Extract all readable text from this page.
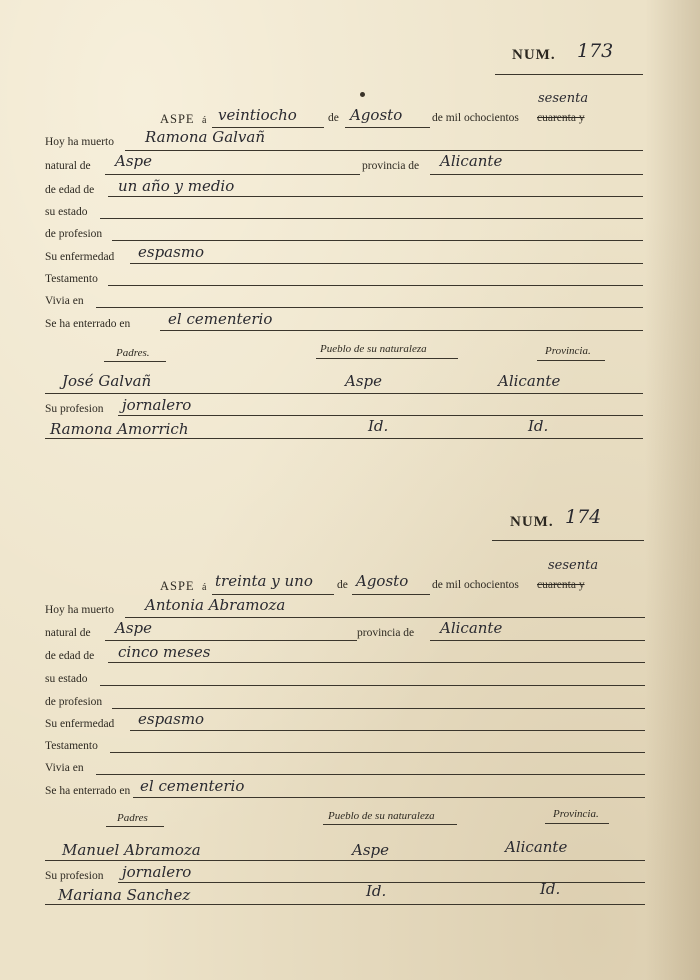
NUM. 173
ASPE á veintiocho	de Agosto	de mil ochocientos cuarenta y
sesenta
Hoy ha muerto Ramona Galvañ
natural de Aspe	provincia de Alicante
de edad de un año y medio
su estado
de profesion
Su enfermedad espasmo
Testamento
Vivia en
Se ha enterrado en	el cementerio
Padres.	Pueblo de su naturaleza	Provincia.
José Galvañ	Aspe	Alicante
Su profesion jornalero
Ramona Amorrich	Id.	Id.
NUM. 174
ASPE á treinta y uno de Agosto de mil ochocientos cuarenta y
sesenta
Hoy ha muerto Antonia Abramoza
natural de Aspe	provincia de Alicante
de edad de cinco meses
su estado
de profesion
Su enfermedad espasmo
Testamento
Vivia en
Se ha enterrado en el cementerio
Padres	Pueblo de su naturaleza	Provincia.
Manuel Abramoza	Aspe	Alicante
Su profesion jornalero
Mariana Sanchez	Id.	Id.
